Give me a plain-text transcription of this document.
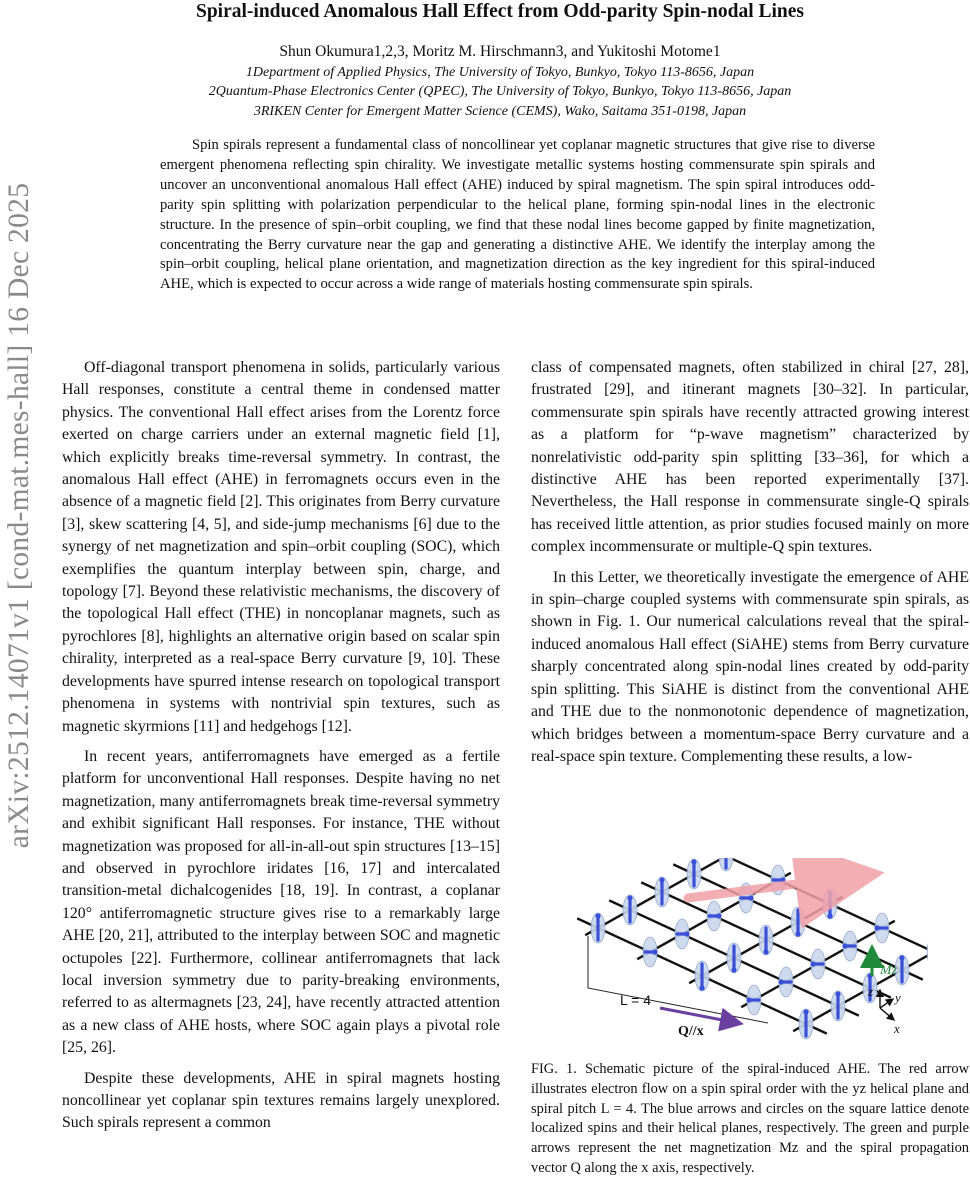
arXiv:2512.14071v1 [cond-mat.mes-hall] 16 Dec 2025
Spiral-induced Anomalous Hall Effect from Odd-parity Spin-nodal Lines
Shun Okumura1,2,3, Moritz M. Hirschmann3, and Yukitoshi Motome1
1Department of Applied Physics, The University of Tokyo, Bunkyo, Tokyo 113-8656, Japan
2Quantum-Phase Electronics Center (QPEC), The University of Tokyo, Bunkyo, Tokyo 113-8656, Japan
3RIKEN Center for Emergent Matter Science (CEMS), Wako, Saitama 351-0198, Japan

Spin spirals represent a fundamental class of noncollinear yet coplanar magnetic structures that give rise to diverse emergent phenomena reflecting spin chirality. We investigate metallic systems hosting commensurate spin spirals and uncover an unconventional anomalous Hall effect (AHE) induced by spiral magnetism. The spin spiral introduces odd-parity spin splitting with polarization perpendicular to the helical plane, forming spin-nodal lines in the electronic structure. In the presence of spin–orbit coupling, we find that these nodal lines become gapped by finite magnetization, concentrating the Berry curvature near the gap and generating a distinctive AHE. We identify the interplay among the spin–orbit coupling, helical plane orientation, and magnetization direction as the key ingredient for this spiral-induced AHE, which is expected to occur across a wide range of materials hosting commensurate spin spirals.

Off-diagonal transport phenomena in solids, particularly various Hall responses, constitute a central theme in condensed matter physics. The conventional Hall effect arises from the Lorentz force exerted on charge carriers under an external magnetic field [1], which explicitly breaks time-reversal symmetry. In contrast, the anomalous Hall effect (AHE) in ferromagnets occurs even in the absence of a magnetic field [2]. This originates from Berry curvature [3], skew scattering [4, 5], and side-jump mechanisms [6] due to the synergy of net magnetization and spin–orbit coupling (SOC), which exemplifies the quantum interplay between spin, charge, and topology [7]. Beyond these relativistic mechanisms, the discovery of the topological Hall effect (THE) in noncoplanar magnets, such as pyrochlores [8], highlights an alternative origin based on scalar spin chirality, interpreted as a real-space Berry curvature [9, 10]. These developments have spurred intense research on topological transport phenomena in systems with nontrivial spin textures, such as magnetic skyrmions [11] and hedgehogs [12].

In recent years, antiferromagnets have emerged as a fertile platform for unconventional Hall responses. Despite having no net magnetization, many antiferromagnets break time-reversal symmetry and exhibit significant Hall responses. For instance, THE without magnetization was proposed for all-in-all-out spin structures [13–15] and observed in pyrochlore iridates [16, 17] and intercalated transition-metal dichalcogenides [18, 19]. In contrast, a coplanar 120° antiferromagnetic structure gives rise to a remarkably large AHE [20, 21], attributed to the interplay between SOC and magnetic octupoles [22]. Furthermore, collinear antiferromagnets that lack local inversion symmetry due to parity-breaking environments, referred to as altermagnets [23, 24], have recently attracted attention as a new class of AHE hosts, where SOC again plays a pivotal role [25, 26].

Despite these developments, AHE in spiral magnets hosting noncollinear yet coplanar spin textures remains largely unexplored. Such spirals represent a common

class of compensated magnets, often stabilized in chiral [27, 28], frustrated [29], and itinerant magnets [30–32]. In particular, commensurate spin spirals have recently attracted growing interest as a platform for “p-wave magnetism” characterized by nonrelativistic odd-parity spin splitting [33–36], for which a distinctive AHE has been reported experimentally [37]. Nevertheless, the Hall response in commensurate single-Q spirals has received little attention, as prior studies focused mainly on more complex incommensurate or multiple-Q spin textures.

In this Letter, we theoretically investigate the emergence of AHE in spin–charge coupled systems with commensurate spin spirals, as shown in Fig. 1. Our numerical calculations reveal that the spiral-induced anomalous Hall effect (SiAHE) stems from Berry curvature sharply concentrated along spin-nodal lines created by odd-parity spin splitting. This SiAHE is distinct from the conventional AHE and THE due to the nonmonotonic dependence of magnetization, which bridges between a momentum-space Berry curvature and a real-space spin texture. Complementing these results, a low-

L = 4
Q//x
Mz
z y
x

FIG. 1. Schematic picture of the spiral-induced AHE. The red arrow illustrates electron flow on a spin spiral order with the yz helical plane and spiral pitch L = 4. The blue arrows and circles on the square lattice denote localized spins and their helical planes, respectively. The green and purple arrows represent the net magnetization Mz and the spiral propagation vector Q along the x axis, respectively.
